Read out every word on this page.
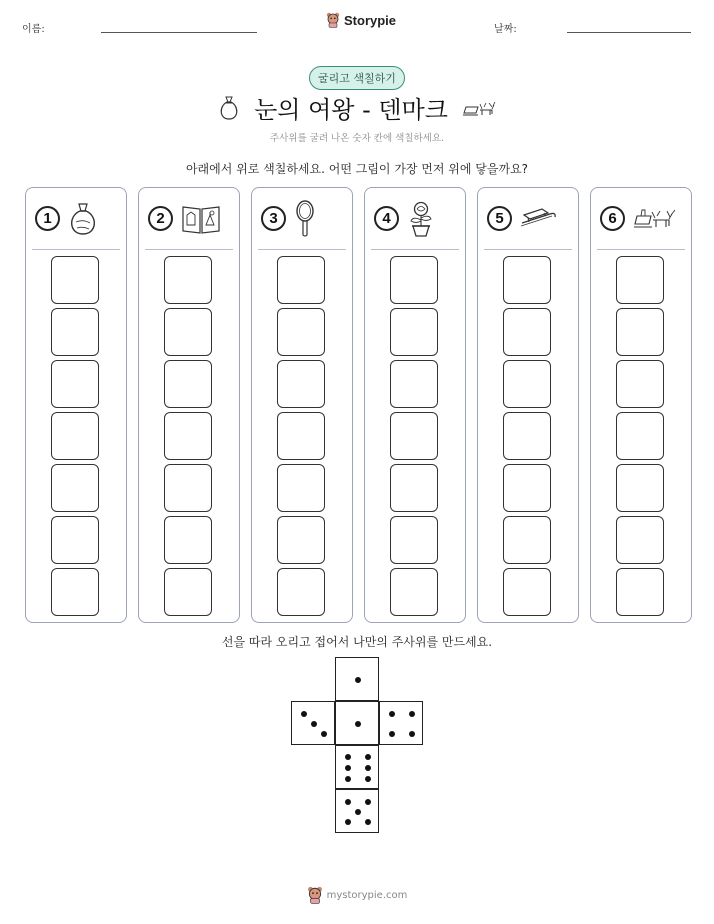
이름:
Storypie
날짜:
굴리고 색칠하기
눈의 여왕 - 덴마크
주사위를 굴려 나온 숫자 칸에 색칠하세요.
아래에서 위로 색칠하세요. 어떤 그림이 가장 먼저 위에 닿을까요?
1	2	3	4	5	6
선을 따라 오리고 접어서 나만의 주사위를 만드세요.
mystorypie.com
